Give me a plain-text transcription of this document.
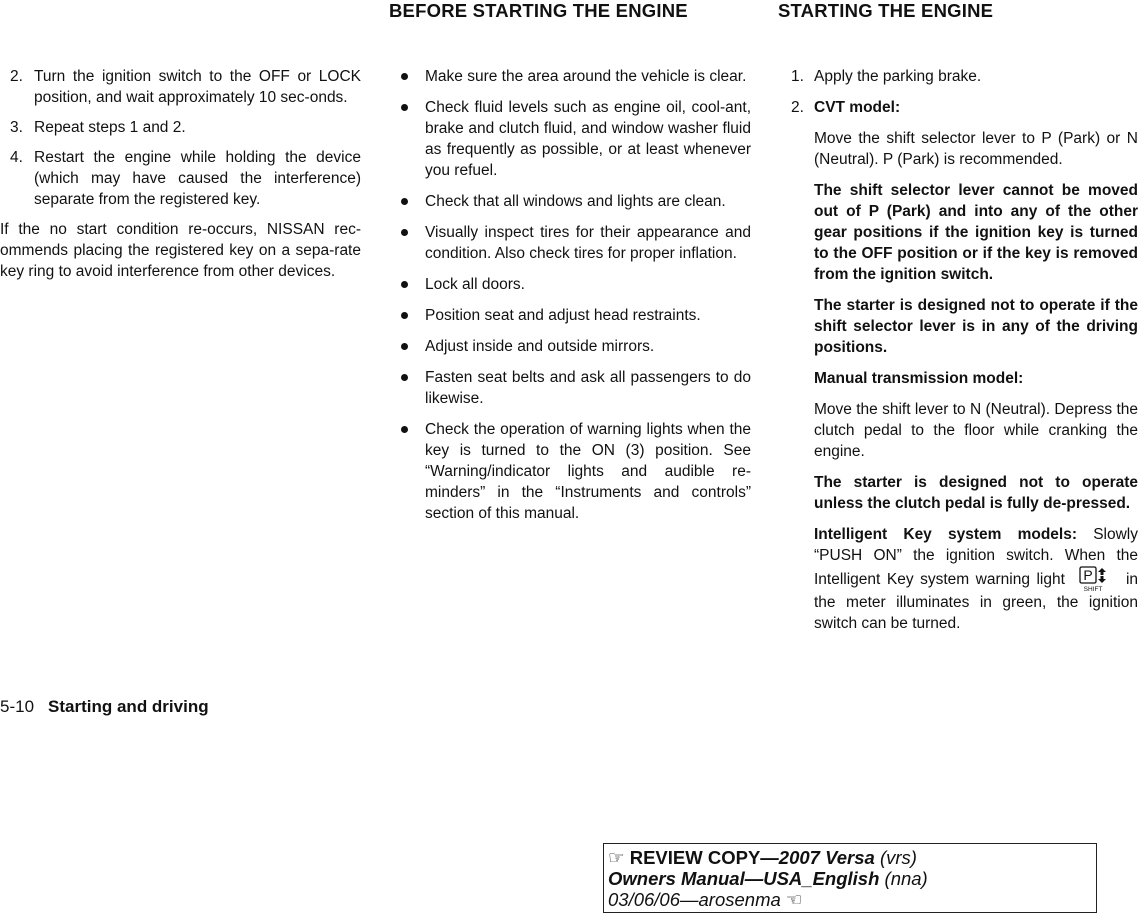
BEFORE STARTING THE ENGINE	STARTING THE ENGINE
2. Turn the ignition switch to the OFF or LOCK position, and wait approximately 10 sec-onds.

3. Repeat steps 1 and 2.

4. Restart the engine while holding the device (which may have caused the interference) separate from the registered key.

If the no start condition re-occurs, NISSAN rec-ommends placing the registered key on a sepa-rate key ring to avoid interference from other devices.

Make sure the area around the vehicle is clear.

Check fluid levels such as engine oil, cool-ant, brake and clutch fluid, and window washer fluid as frequently as possible, or at least whenever you refuel.

Check that all windows and lights are clean.

Visually inspect tires for their appearance and condition. Also check tires for proper inflation.

Lock all doors.

Position seat and adjust head restraints.

Adjust inside and outside mirrors.

Fasten seat belts and ask all passengers to do likewise.

Check the operation of warning lights when the key is turned to the ON (3) position. See “Warning/indicator lights and audible re-minders” in the “Instruments and controls” section of this manual.

1. Apply the parking brake.

2. CVT model:

Move the shift selector lever to P (Park) or N (Neutral). P (Park) is recommended.

The shift selector lever cannot be moved out of P (Park) and into any of the other gear positions if the ignition key is turned to the OFF position or if the key is removed from the ignition switch.

The starter is designed not to operate if the shift selector lever is in any of the driving positions.

Manual transmission model:

Move the shift lever to N (Neutral). Depress the clutch pedal to the floor while cranking the engine.

The starter is designed not to operate unless the clutch pedal is fully de-pressed.

Intelligent Key system models: Slowly “PUSH ON” the ignition switch. When the Intelligent Key system warning light P
SHIFT
in the meter illuminates in green, the ignition switch can be turned.

5-10 Starting and driving
☞ REVIEW COPY—2007 Versa (vrs)
Owners Manual—USA_English (nna)
03/06/06—arosenma ☜
